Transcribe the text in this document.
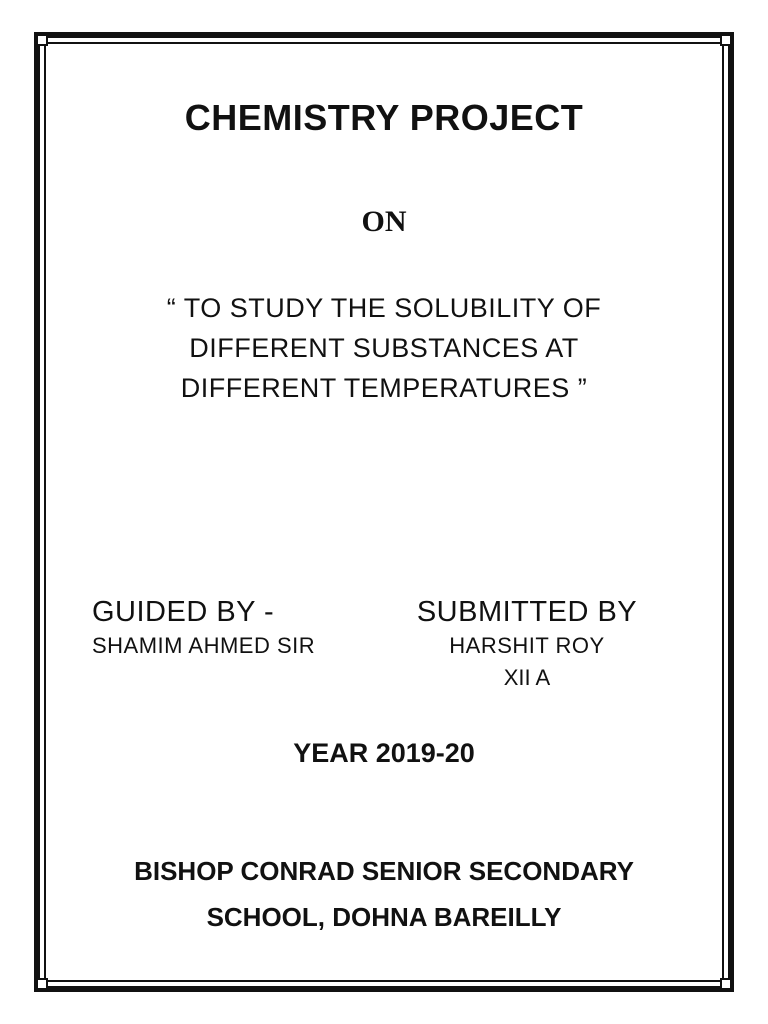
CHEMISTRY PROJECT
ON
“ TO STUDY THE SOLUBILITY OF
DIFFERENT SUBSTANCES AT
DIFFERENT TEMPERATURES ”
GUIDED BY -
SHAMIM AHMED SIR
SUBMITTED BY
HARSHIT ROY
XII A
YEAR 2019-20
BISHOP CONRAD SENIOR SECONDARY
SCHOOL, DOHNA BAREILLY
